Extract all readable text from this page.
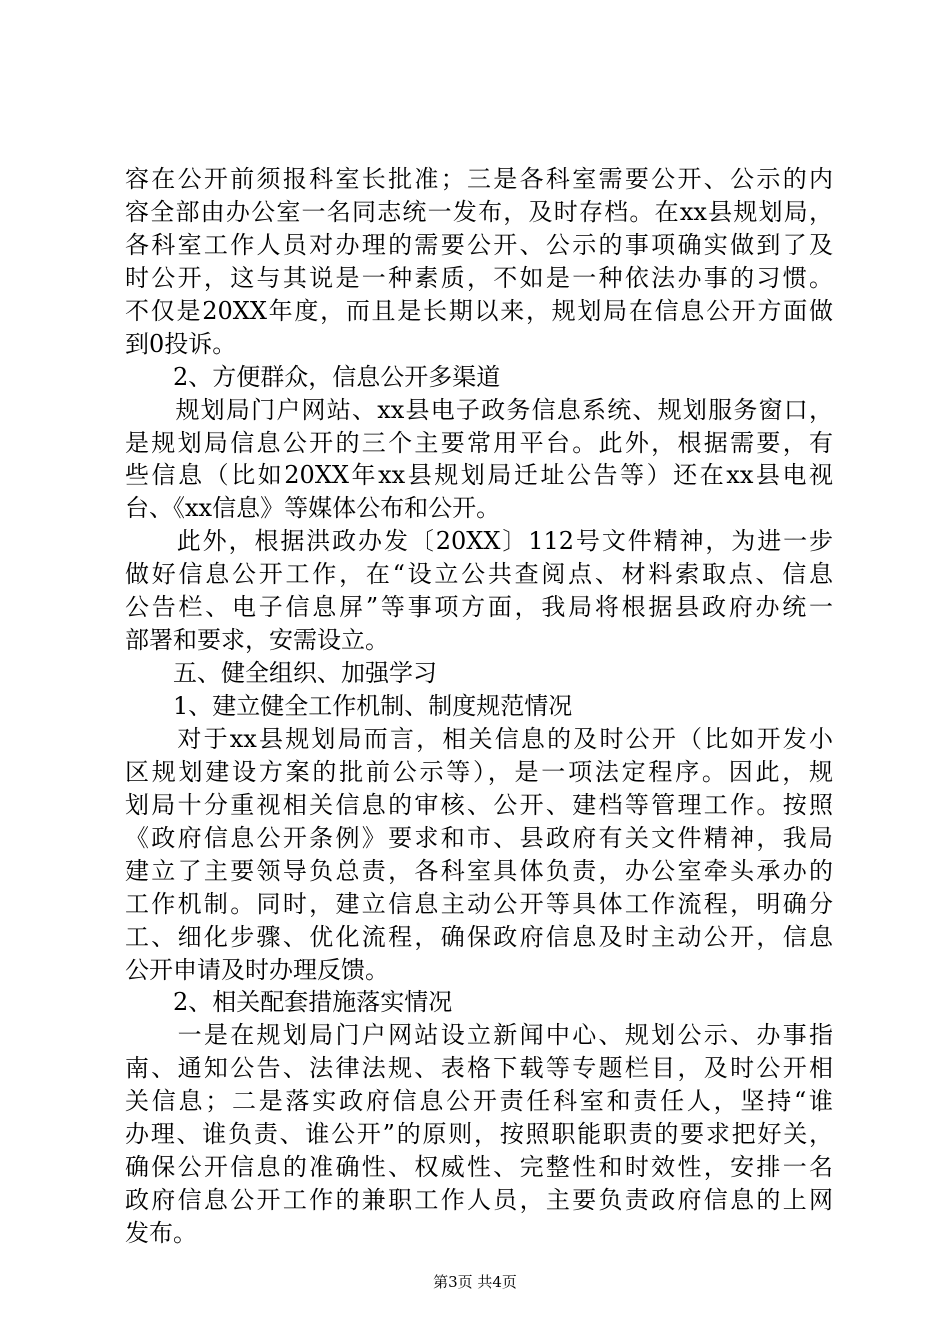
容在公开前须报科室长批准；三是各科室需要公开、公示的内
容全部由办公室一名同志统一发布，及时存档。在xx县规划局，
各科室工作人员对办理的需要公开、公示的事项确实做到了及
时公开，这与其说是一种素质，不如是一种依法办事的习惯。
不仅是20XX年度，而且是长期以来，规划局在信息公开方面做
到0投诉。
　　2、方便群众，信息公开多渠道
　　规划局门户网站、xx县电子政务信息系统、规划服务窗口，
是规划局信息公开的三个主要常用平台。此外，根据需要，有
些信息（比如20XX年xx县规划局迁址公告等）还在xx县电视
台、《xx信息》等媒体公布和公开。
　　此外，根据洪政办发〔20XX〕112号文件精神，为进一步
做好信息公开工作，在“设立公共查阅点、材料索取点、信息
公告栏、电子信息屏”等事项方面，我局将根据县政府办统一
部署和要求，安需设立。
　　五、健全组织、加强学习
　　1、建立健全工作机制、制度规范情况
　　对于xx县规划局而言，相关信息的及时公开（比如开发小
区规划建设方案的批前公示等），是一项法定程序。因此，规
划局十分重视相关信息的审核、公开、建档等管理工作。按照
《政府信息公开条例》要求和市、县政府有关文件精神，我局
建立了主要领导负总责，各科室具体负责，办公室牵头承办的
工作机制。同时，建立信息主动公开等具体工作流程，明确分
工、细化步骤、优化流程，确保政府信息及时主动公开，信息
公开申请及时办理反馈。
　　2、相关配套措施落实情况
　　一是在规划局门户网站设立新闻中心、规划公示、办事指
南、通知公告、法律法规、表格下载等专题栏目，及时公开相
关信息；二是落实政府信息公开责任科室和责任人，坚持“谁
办理、谁负责、谁公开”的原则，按照职能职责的要求把好关，
确保公开信息的准确性、权威性、完整性和时效性，安排一名
政府信息公开工作的兼职工作人员，主要负责政府信息的上网
发布。
第3页 共4页
